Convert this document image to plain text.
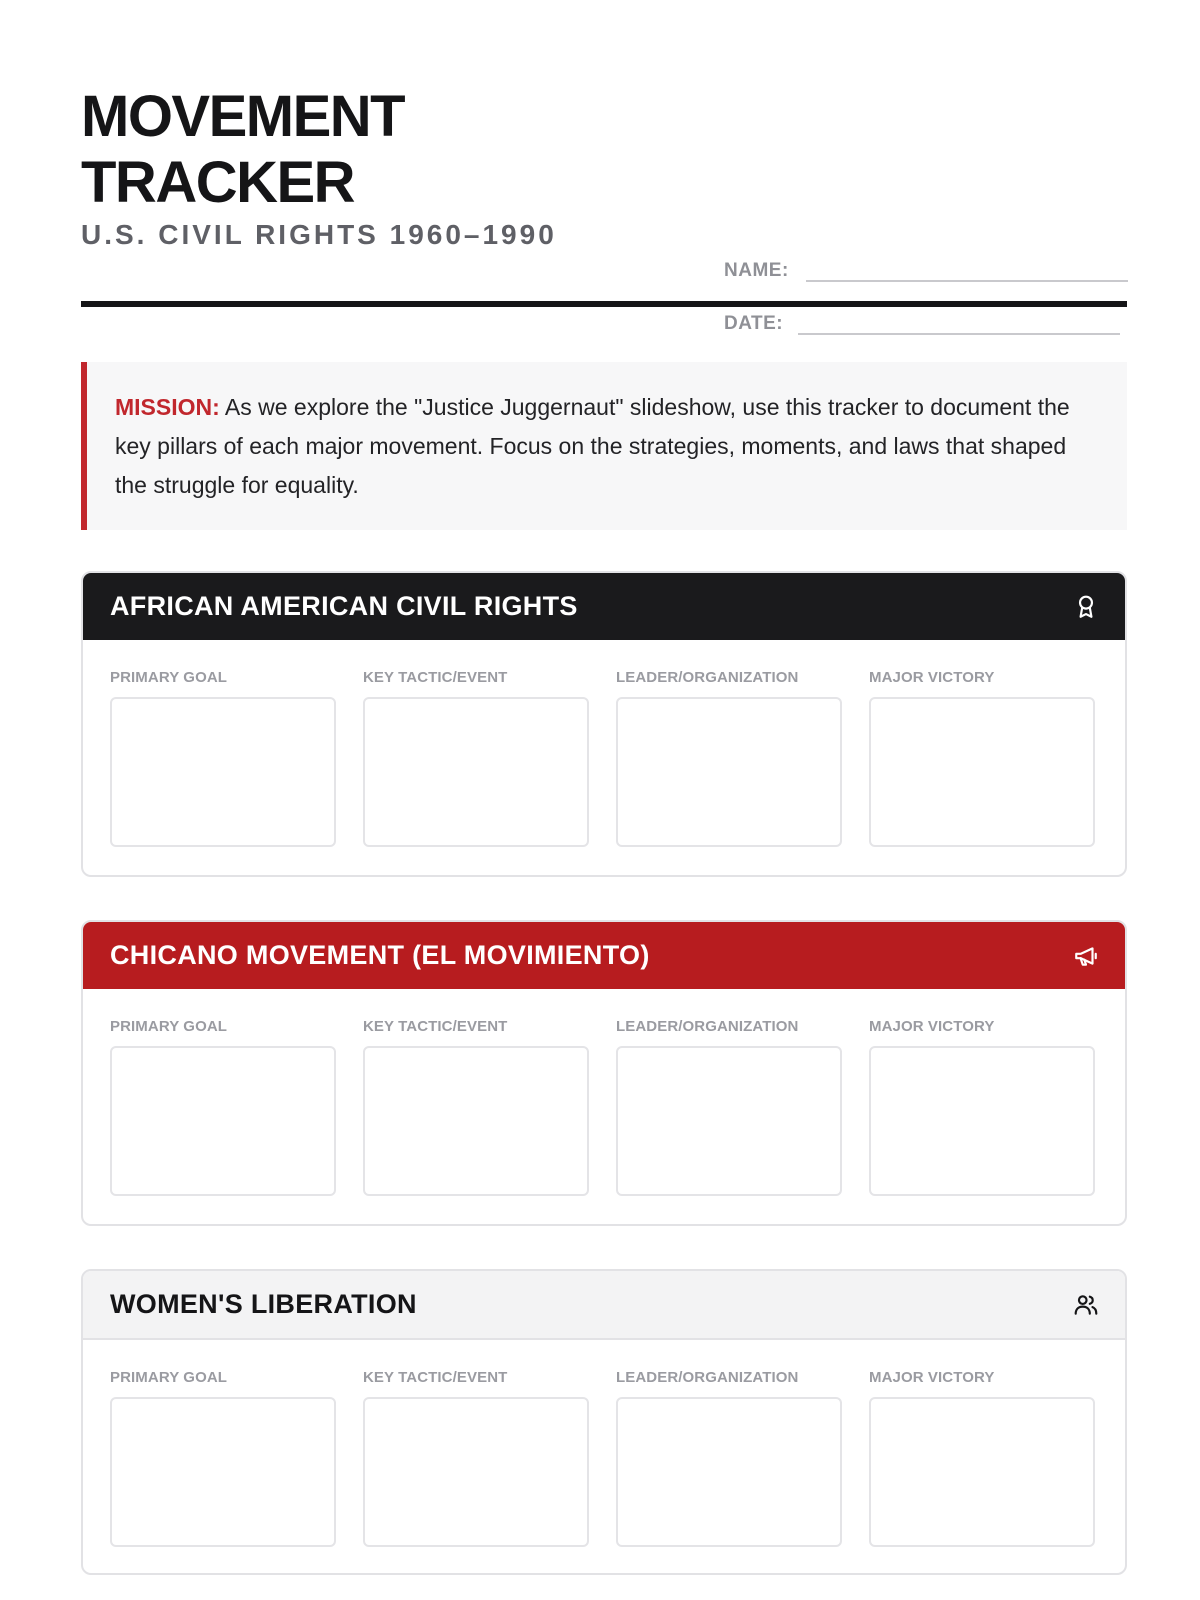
MOVEMENT
TRACKER
U.S. CIVIL RIGHTS 1960–1990
NAME:
DATE:
MISSION: As we explore the "Justice Juggernaut" slideshow, use this tracker to document the key pillars of each major movement. Focus on the strategies, moments, and laws that shaped the struggle for equality.
AFRICAN AMERICAN CIVIL RIGHTS
PRIMARY GOAL	KEY TACTIC/EVENT	LEADER/ORGANIZATION	MAJOR VICTORY
CHICANO MOVEMENT (EL MOVIMIENTO)
PRIMARY GOAL	KEY TACTIC/EVENT	LEADER/ORGANIZATION	MAJOR VICTORY
WOMEN'S LIBERATION
PRIMARY GOAL	KEY TACTIC/EVENT	LEADER/ORGANIZATION	MAJOR VICTORY
